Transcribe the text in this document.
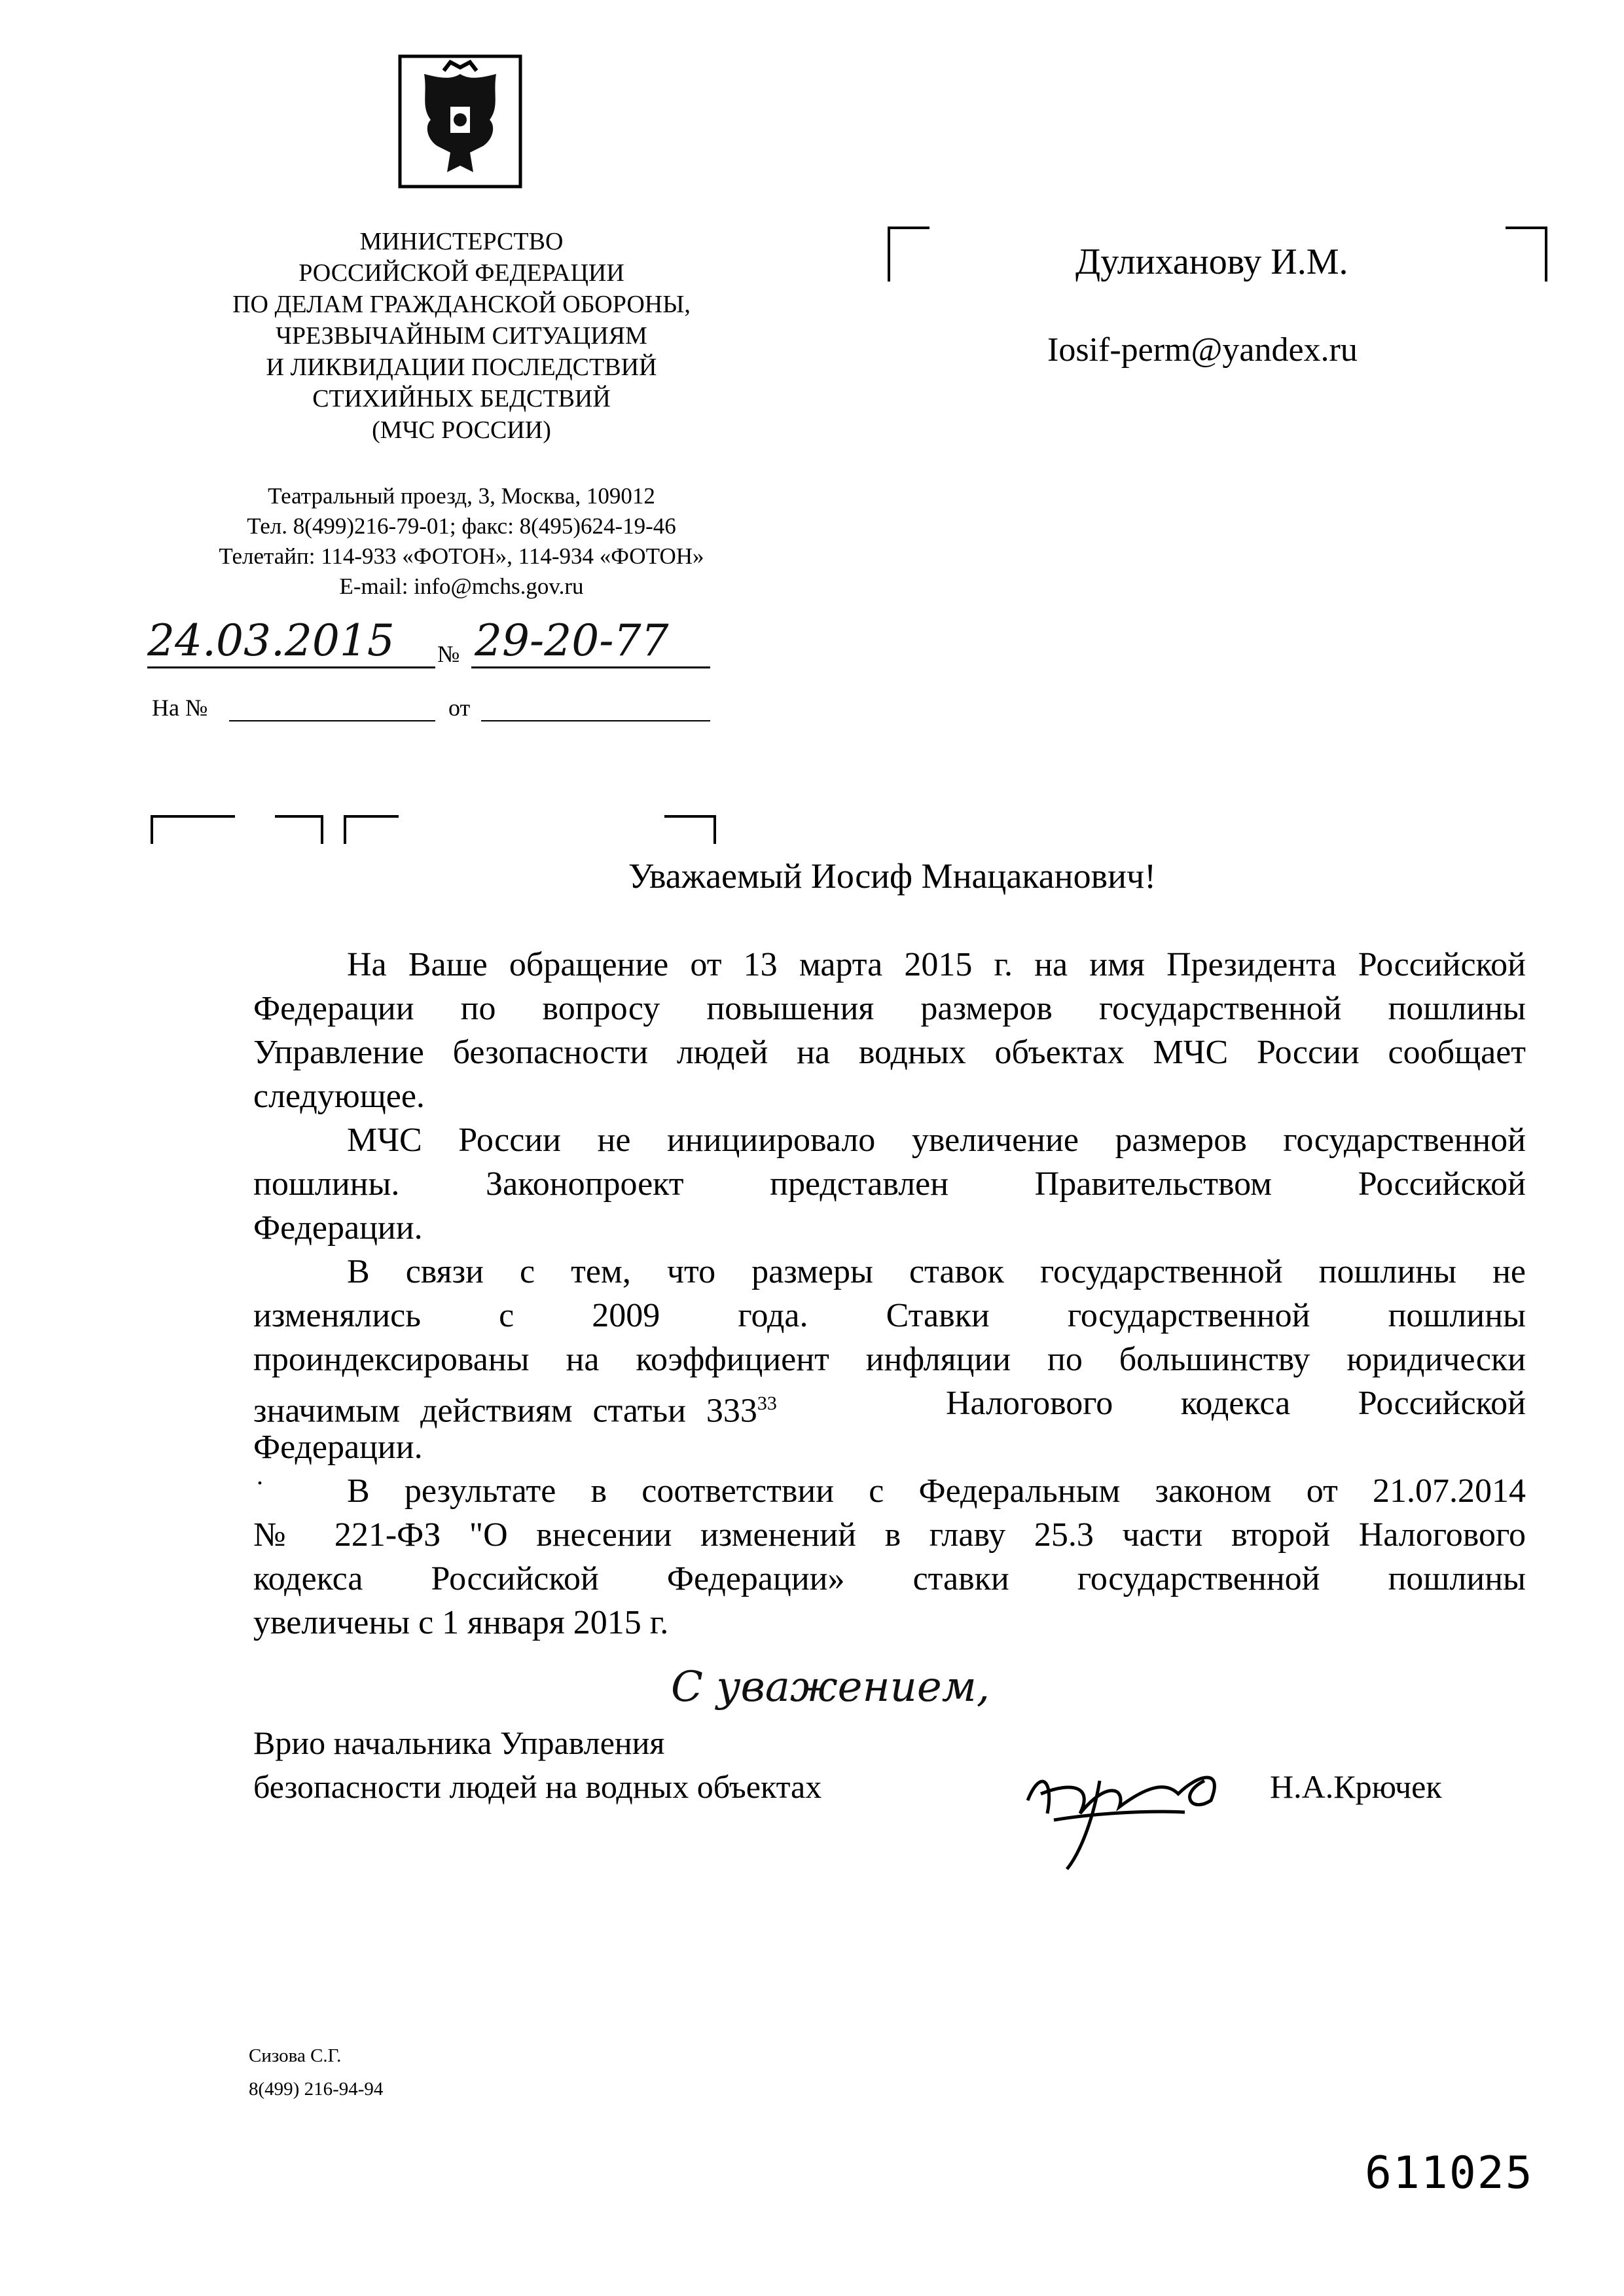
МИНИСТЕРСТВО
РОССИЙСКОЙ ФЕДЕРАЦИИ
ПО ДЕЛАМ ГРАЖДАНСКОЙ ОБОРОНЫ,
ЧРЕЗВЫЧАЙНЫМ СИТУАЦИЯМ
И ЛИКВИДАЦИИ ПОСЛЕДСТВИЙ
СТИХИЙНЫХ БЕДСТВИЙ
(МЧС РОССИИ)
Театральный проезд, 3, Москва, 109012
Тел. 8(499)216-79-01; факс: 8(495)624-19-46
Телетайп: 114-933 «ФОТОН», 114-934 «ФОТОН»
E-mail: info@mchs.gov.ru
24.03.2015 № 29-20-77
На №	от
Дулиханову И.М.
Iosif-perm@yandex.ru
Уважаемый Иосиф Мнацаканович!
На Ваше обращение от 13 марта 2015 г. на имя Президента Российской
Федерации по вопросу повышения размеров государственной пошлины
Управление безопасности людей на водных объектах МЧС России сообщает
следующее.
МЧС России не инициировало увеличение размеров государственной
пошлины. Законопроект представлен Правительством Российской
Федерации.
В связи с тем, что размеры ставок государственной пошлины не
изменялись с 2009 года. Ставки государственной пошлины
проиндексированы на коэффициент инфляции по большинству юридически
значимым действиям статьи $333^{33}$	Налогового кодекса Российской
Федерации.
. В результате в соответствии с Федеральным законом от 21.07.2014
№ 221-ФЗ "О внесении изменений в главу 25.3 части второй Налогового
кодекса Российской Федерации» ставки государственной пошлины
увеличены с 1 января 2015 г.
С уважением,
Врио начальника Управления
безопасности людей на водных объектах	Н.А.Крючек
Сизова С.Г.
8(499) 216-94-94
611025
